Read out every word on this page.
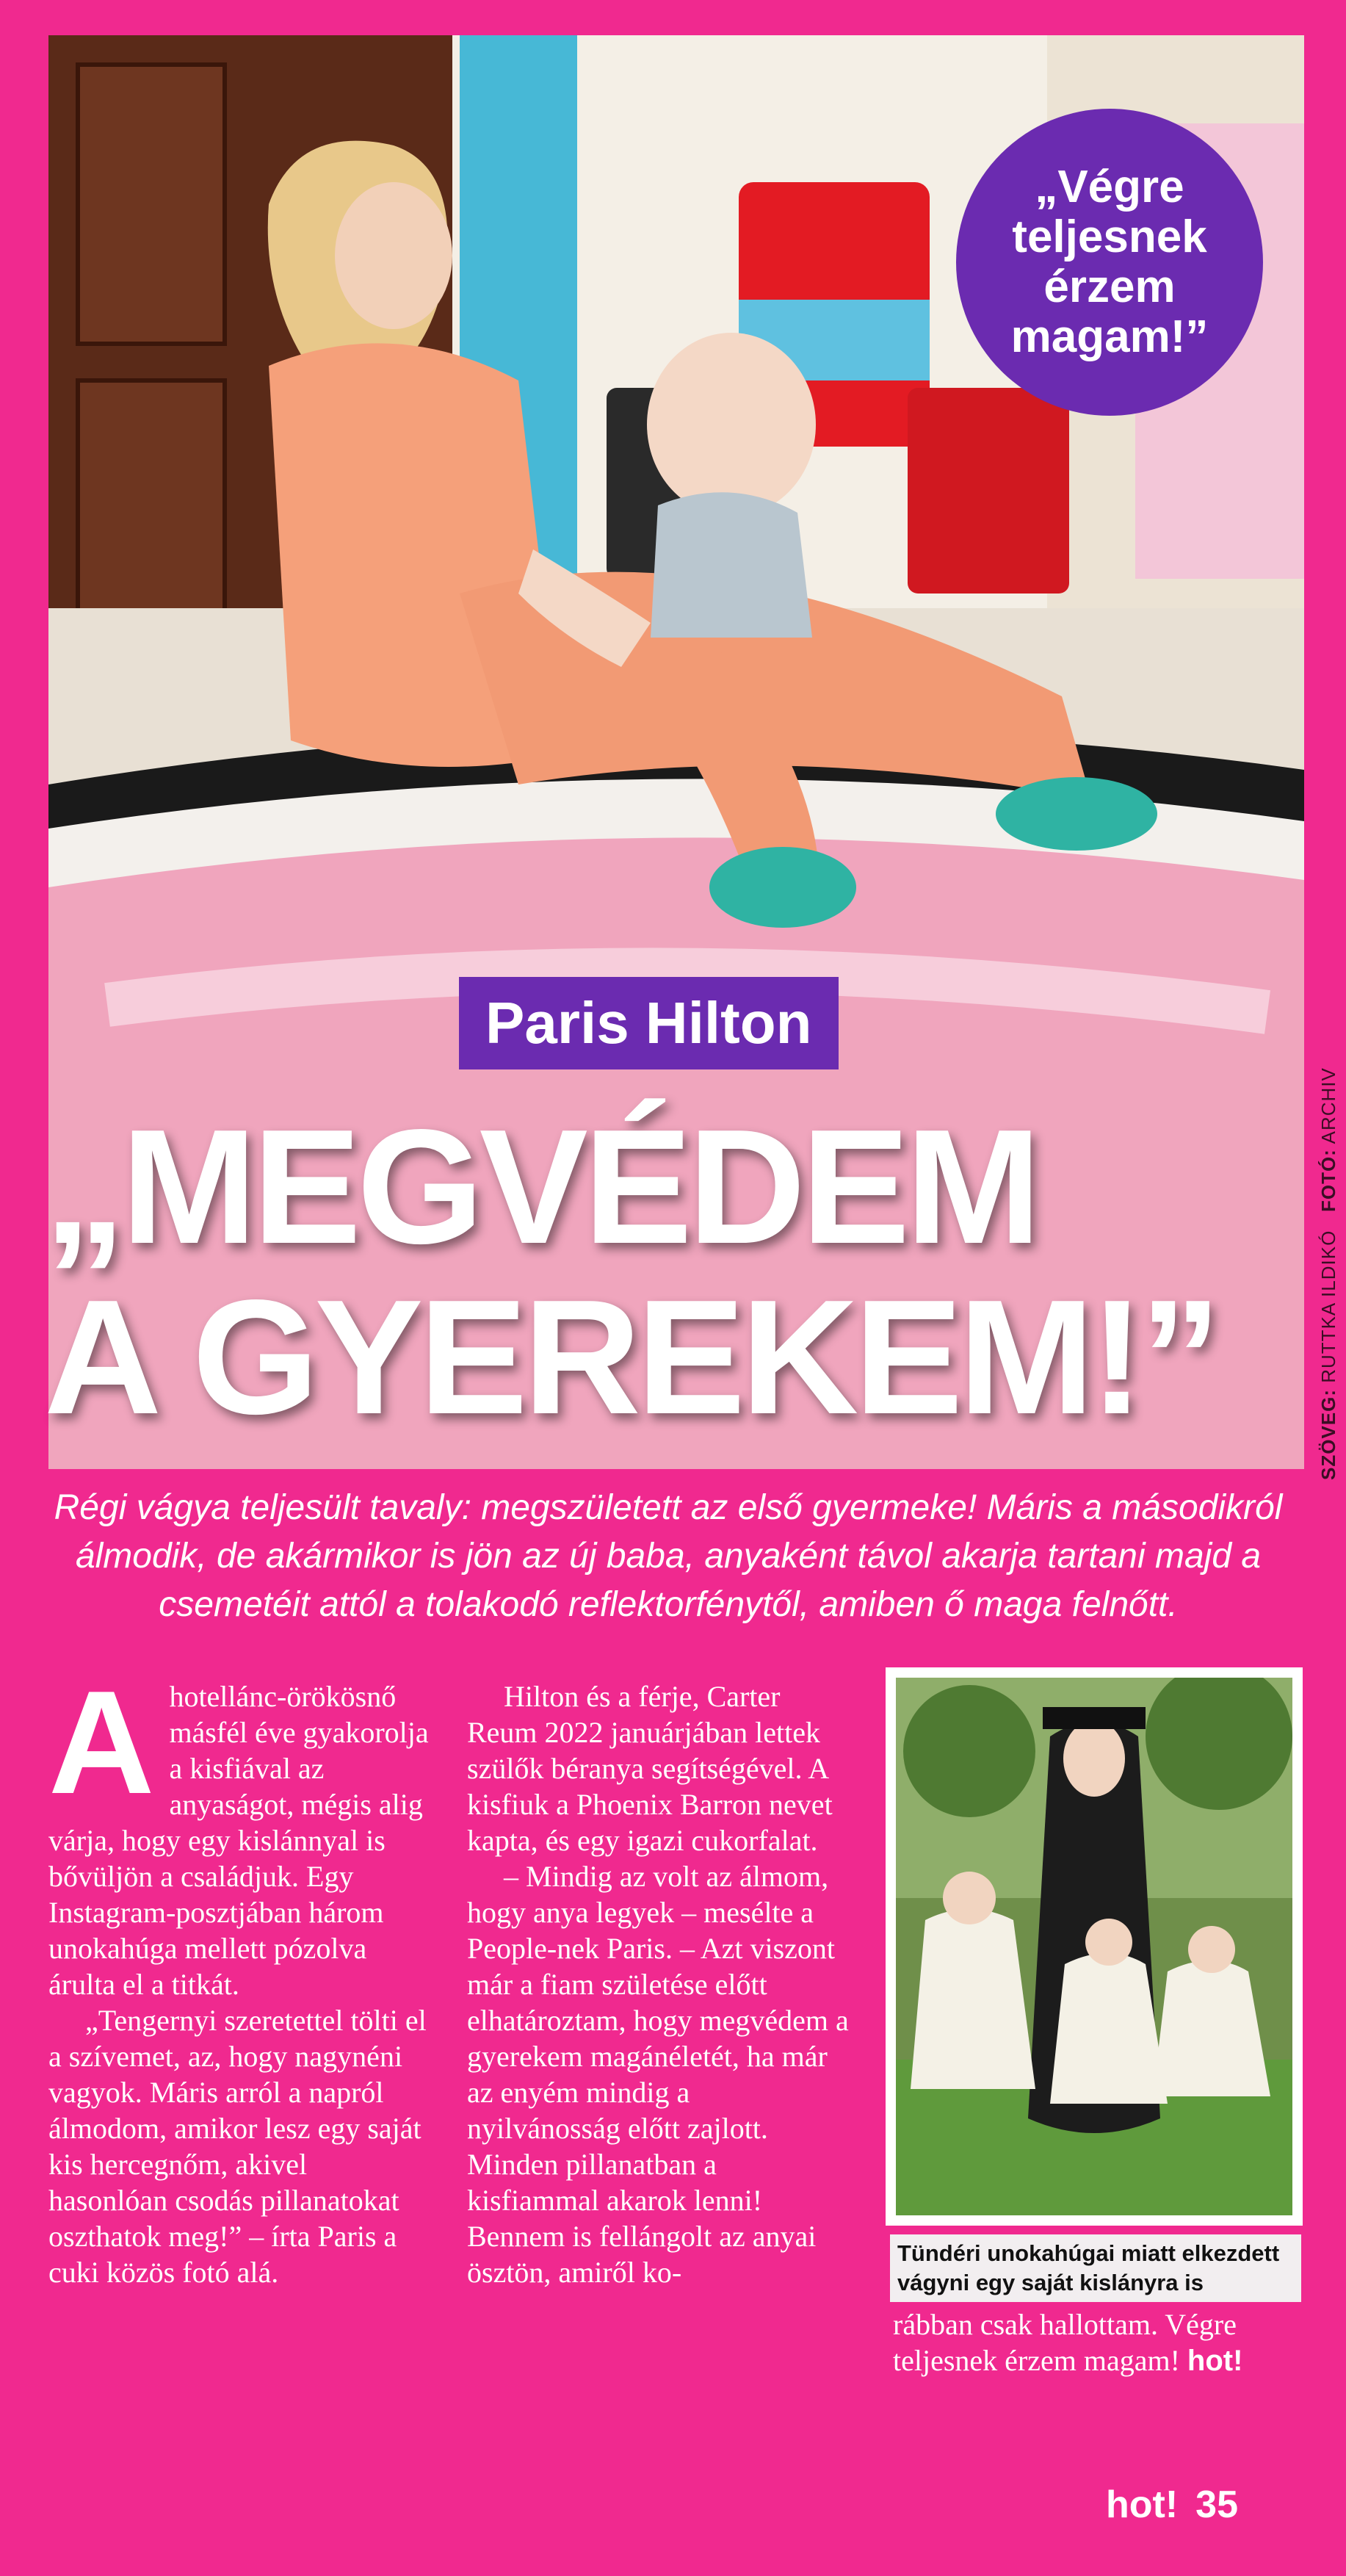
„Végre
teljesnek
érzem
magam!”
Paris Hilton
„MEGVÉDEM
A GYEREKEM!”	SZÖVEG: RUTTKA ILDIKÓ   FOTÓ: ARCHIV
Régi vágya teljesült tavaly: megszületett az első gyermeke! Máris a másodikról álmodik, de akármikor is jön az új baba, anyaként távol akarja tartani majd a csemetéit attól a tolakodó reflektorfénytől, amiben ő maga felnőtt.
A hotellánc-örökösnő másfél éve gyakorolja a kisfiával az anyaságot, mégis alig várja, hogy egy kislánnyal is bővüljön a családjuk. Egy Instagram-posztjában három unokahúga mellett pózolva árulta el a titkát.

„Tengernyi szeretettel tölti el a szívemet, az, hogy nagynéni vagyok. Máris arról a napról álmodom, amikor lesz egy saját kis hercegnőm, akivel hasonlóan csodás pillanatokat oszthatok meg!” – írta Paris a cuki közös fotó alá.

Hilton és a férje, Carter Reum 2022 januárjában lettek szülők béranya segítségével. A kisfiuk a Phoenix Barron nevet kapta, és egy igazi cukorfalat.

– Mindig az volt az álmom, hogy anya legyek – mesélte a People-nek Paris. – Azt viszont már a fiam születése előtt elhatároztam, hogy megvédem a gyerekem magánéletét, ha már az enyém mindig a nyilvánosság előtt zajlott. Minden pillanatban a kisfiammal akarok lenni! Bennem is fellángolt az anyai ösztön, amiről ko-

Tündéri unokahúgai miatt elkezdett vágyni egy saját kislányra is

rábban csak hallottam. Végre teljesnek érzem magam! hot!

hot! 35
